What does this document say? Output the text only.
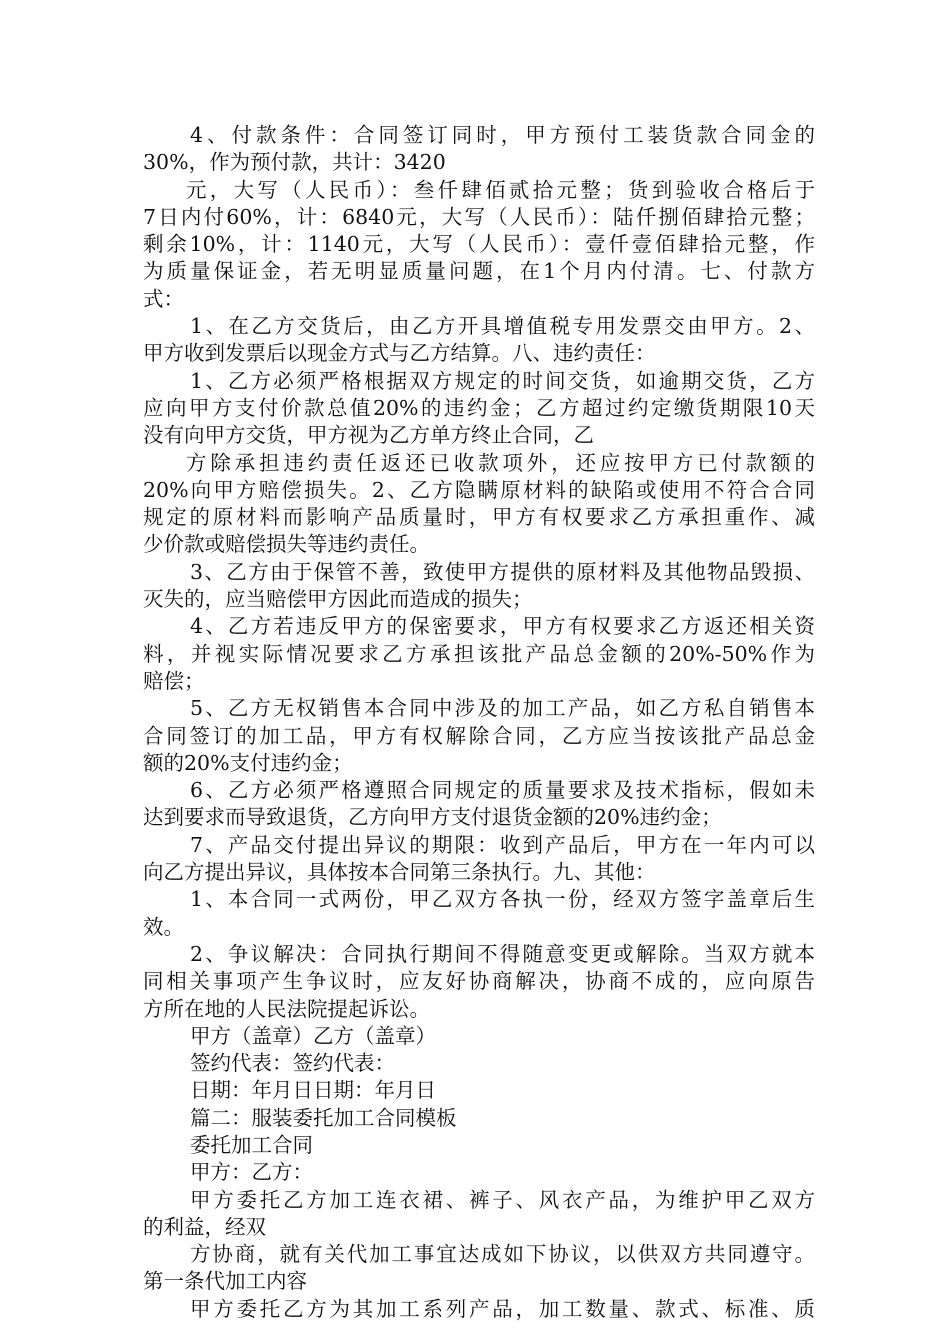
4、付款条件：合同签订同时，甲方预付工装货款合同金的
30%，作为预付款，共计：3420
元，大写（人民币）：叁仟肆佰贰拾元整；货到验收合格后于
7日内付60%，计：6840元，大写（人民币）：陆仟捌佰肆拾元整；
剩余10%，计：1140元，大写（人民币）：壹仟壹佰肆拾元整，作
为质量保证金，若无明显质量问题，在1个月内付清。七、付款方
式：
1、在乙方交货后，由乙方开具增值税专用发票交由甲方。2、
甲方收到发票后以现金方式与乙方结算。八、违约责任：
1、乙方必须严格根据双方规定的时间交货，如逾期交货，乙方
应向甲方支付价款总值20%的违约金；乙方超过约定缴货期限10天
没有向甲方交货，甲方视为乙方单方终止合同，乙
方除承担违约责任返还已收款项外，还应按甲方已付款额的
20%向甲方赔偿损失。2、乙方隐瞒原材料的缺陷或使用不符合合同
规定的原材料而影响产品质量时，甲方有权要求乙方承担重作、减
少价款或赔偿损失等违约责任。
3、乙方由于保管不善，致使甲方提供的原材料及其他物品毁损、
灭失的，应当赔偿甲方因此而造成的损失；
4、乙方若违反甲方的保密要求，甲方有权要求乙方返还相关资
料，并视实际情况要求乙方承担该批产品总金额的20%-50%作为
赔偿；
5、乙方无权销售本合同中涉及的加工产品，如乙方私自销售本
合同签订的加工品，甲方有权解除合同，乙方应当按该批产品总金
额的20%支付违约金；
6、乙方必须严格遵照合同规定的质量要求及技术指标，假如未
达到要求而导致退货，乙方向甲方支付退货金额的20%违约金；
7、产品交付提出异议的期限：收到产品后，甲方在一年内可以
向乙方提出异议，具体按本合同第三条执行。九、其他：
1、本合同一式两份，甲乙双方各执一份，经双方签字盖章后生
效。
2、争议解决：合同执行期间不得随意变更或解除。当双方就本
同相关事项产生争议时，应友好协商解决，协商不成的，应向原告
方所在地的人民法院提起诉讼。
甲方（盖章）乙方（盖章）
签约代表：签约代表：
日期：年月日日期：年月日
篇二：服装委托加工合同模板
委托加工合同
甲方：乙方：
甲方委托乙方加工连衣裙、裤子、风衣产品，为维护甲乙双方
的利益，经双
方协商，就有关代加工事宜达成如下协议，以供双方共同遵守。
第一条代加工内容
甲方委托乙方为其加工系列产品，加工数量、款式、标准、质
